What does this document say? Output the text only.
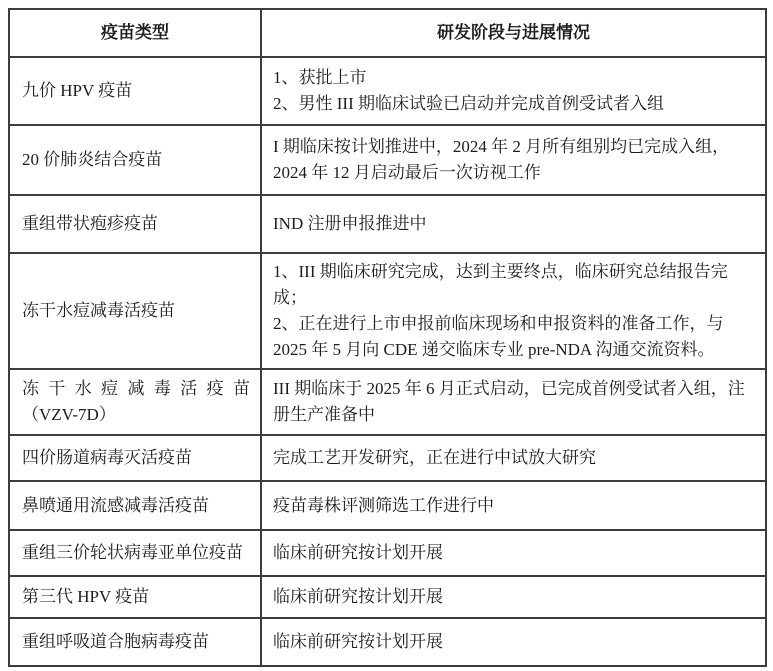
疫苗类型	研发阶段与进展情况

九价 HPV 疫苗	1、获批上市
2、男性 III 期临床试验已启动并完成首例受试者入组

20 价肺炎结合疫苗	I 期临床按计划推进中，2024 年 2 月所有组别均已完成入组，2024 年 12 月启动最后一次访视工作

重组带状疱疹疫苗	IND 注册申报推进中

冻干水痘减毒活疫苗	1、III 期临床研究完成，达到主要终点，临床研究总结报告完成；
2、正在进行上市申报前临床现场和申报资料的准备工作，与 2025 年 5 月向 CDE 递交临床专业 pre-NDA 沟通交流资料。

冻干水痘减毒活疫苗
（VZV-7D）	III 期临床于 2025 年 6 月正式启动，已完成首例受试者入组，注册生产准备中

四价肠道病毒灭活疫苗	完成工艺开发研究，正在进行中试放大研究

鼻喷通用流感减毒活疫苗	疫苗毒株评测筛选工作进行中

重组三价轮状病毒亚单位疫苗	临床前研究按计划开展

第三代 HPV 疫苗	临床前研究按计划开展

重组呼吸道合胞病毒疫苗	临床前研究按计划开展
